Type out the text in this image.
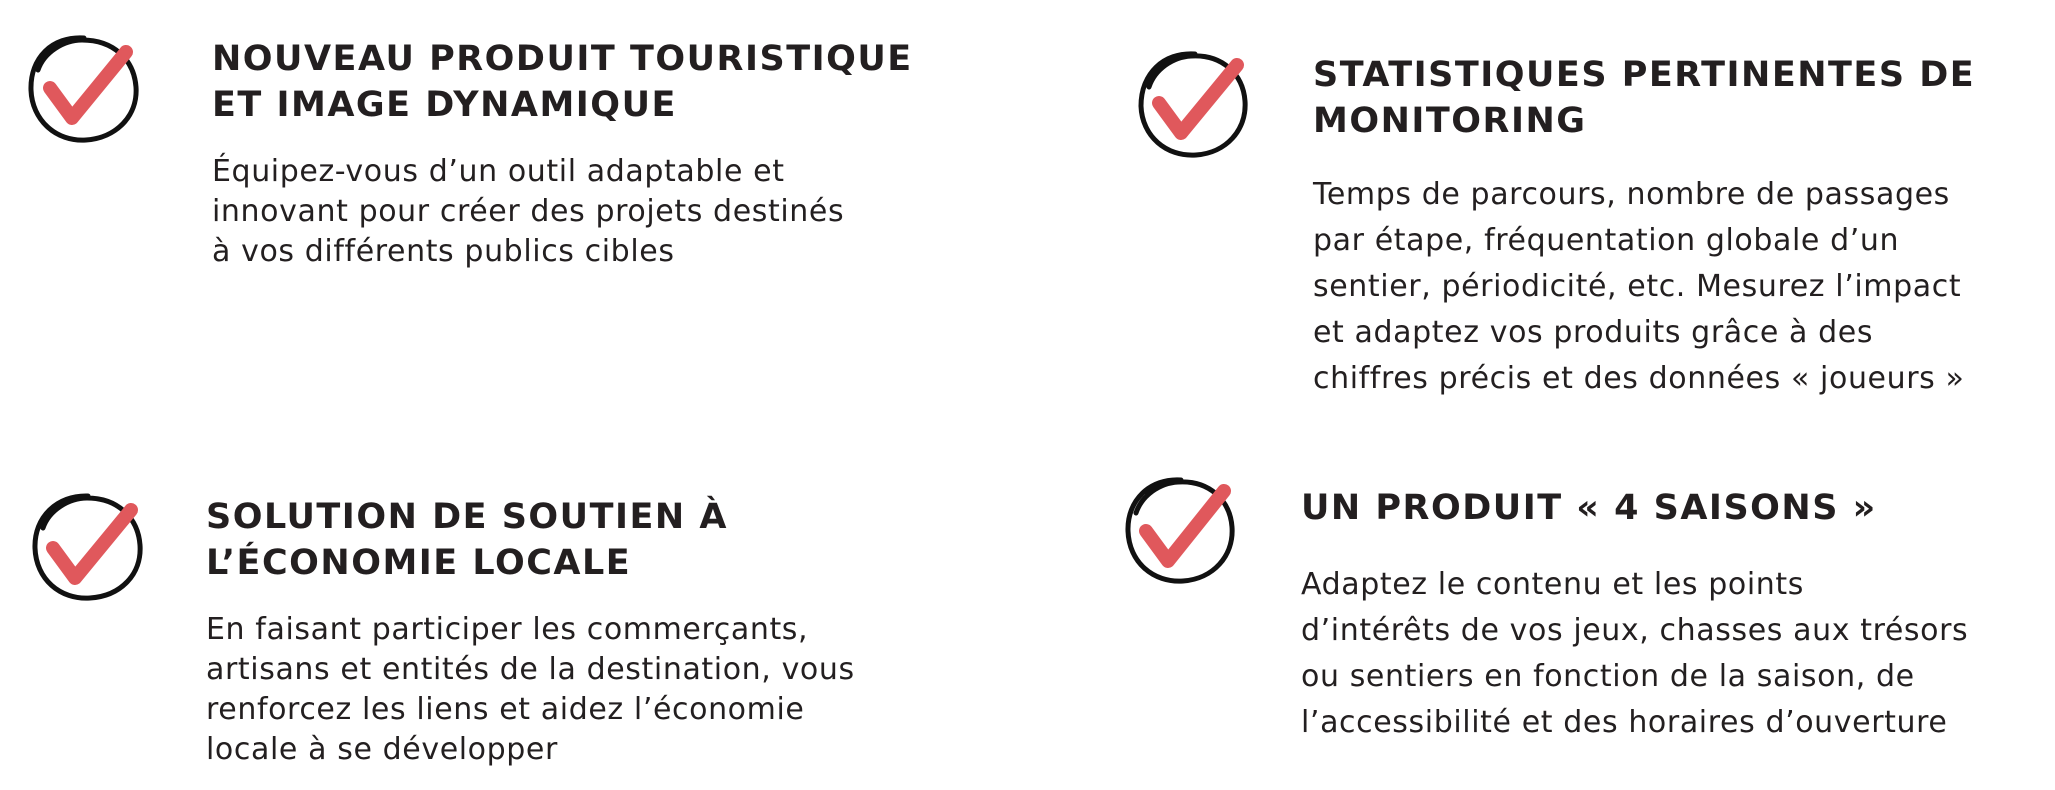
NOUVEAU PRODUIT TOURISTIQUE
ET IMAGE DYNAMIQUE

Équipez-vous d’un outil adaptable et
innovant pour créer des projets destinés
à vos différents publics cibles

STATISTIQUES PERTINENTES DE
MONITORING

Temps de parcours, nombre de passages
par étape, fréquentation globale d’un
sentier, périodicité, etc. Mesurez l’impact
et adaptez vos produits grâce à des
chiffres précis et des données « joueurs »

SOLUTION DE SOUTIEN À
L’ÉCONOMIE LOCALE

En faisant participer les commerçants,
artisans et entités de la destination, vous
renforcez les liens et aidez l’économie
locale à se développer

UN PRODUIT « 4 SAISONS »

Adaptez le contenu et les points
d’intérêts de vos jeux, chasses aux trésors
ou sentiers en fonction de la saison, de
l’accessibilité et des horaires d’ouverture
